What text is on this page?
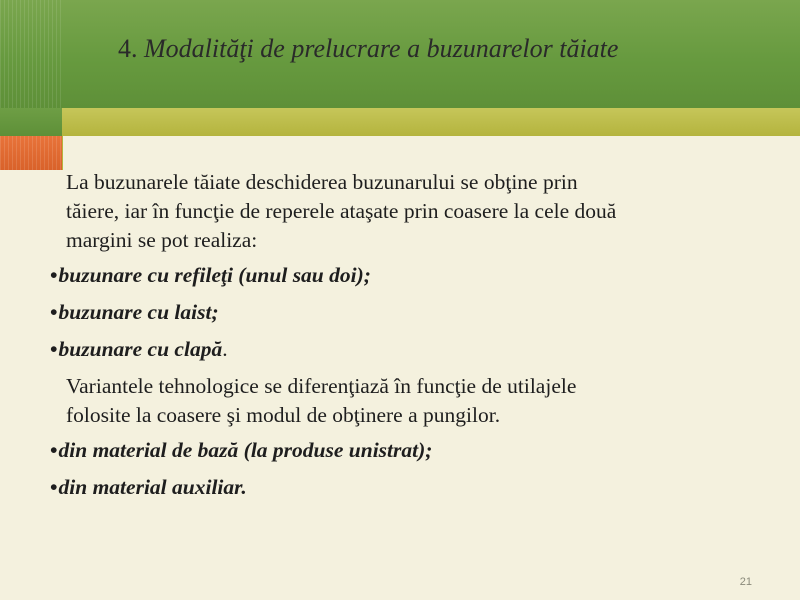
4. Modalităţi de prelucrare a buzunarelor tăiate
La buzunarele tăiate deschiderea buzunarului se obţine prin
tăiere, iar în funcţie de reperele ataşate prin coasere la cele două
margini se pot realiza:
•buzunare cu refileţi (unul sau doi);
•buzunare cu laist;
•buzunare cu clapă.
Variantele tehnologice se diferenţiază în funcţie de utilajele
folosite la coasere şi modul de obţinere a pungilor.
•din material de bază (la produse unistrat);
•din material auxiliar.
21
